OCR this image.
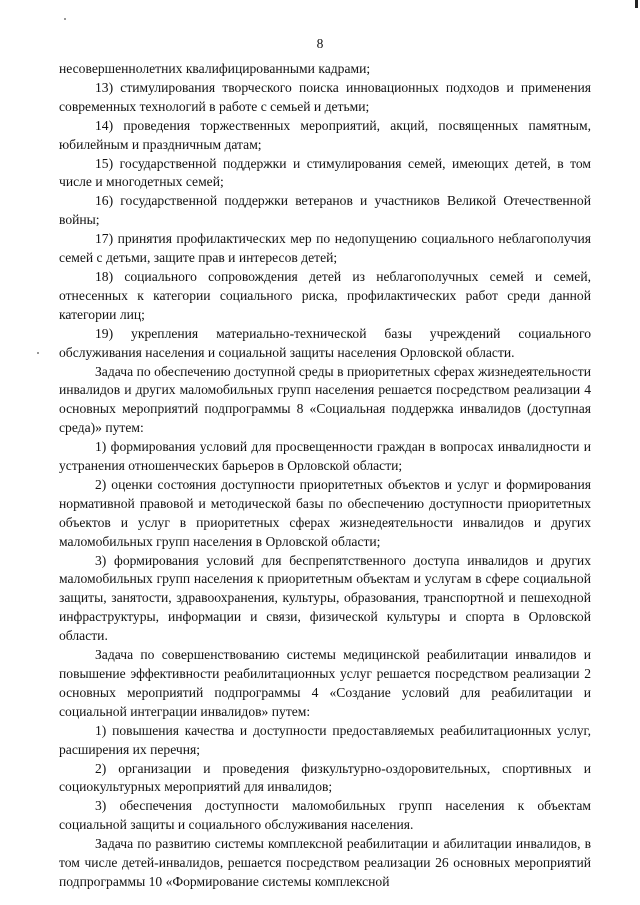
8

несовершеннолетних квалифицированными кадрами;

13) стимулирования творческого поиска инновационных подходов и применения современных технологий в работе с семьей и детьми;

14) проведения торжественных мероприятий, акций, посвященных памятным, юбилейным и праздничным датам;

15) государственной поддержки и стимулирования семей, имеющих детей, в том числе и многодетных семей;

16) государственной поддержки ветеранов и участников Великой Отечественной войны;

17) принятия профилактических мер по недопущению социального неблагополучия семей с детьми, защите прав и интересов детей;

18) социального сопровождения детей из неблагополучных семей и семей, отнесенных к категории социального риска, профилактических работ среди данной категории лиц;

19) укрепления материально-технической базы учреждений социального обслуживания населения и социальной защиты населения Орловской области.

Задача по обеспечению доступной среды в приоритетных сферах жизнедеятельности инвалидов и других маломобильных групп населения решается посредством реализации 4 основных мероприятий подпрограммы 8 «Социальная поддержка инвалидов (доступная среда)» путем:

1) формирования условий для просвещенности граждан в вопросах инвалидности и устранения отношенческих барьеров в Орловской области;

2) оценки состояния доступности приоритетных объектов и услуг и формирования нормативной правовой и методической базы по обеспечению доступности приоритетных объектов и услуг в приоритетных сферах жизнедеятельности инвалидов и других маломобильных групп населения в Орловской области;

3) формирования условий для беспрепятственного доступа инвалидов и других маломобильных групп населения к приоритетным объектам и услугам в сфере социальной защиты, занятости, здравоохранения, культуры, образования, транспортной и пешеходной инфраструктуры, информации и связи, физической культуры и спорта в Орловской области.

Задача по совершенствованию системы медицинской реабилитации инвалидов и повышение эффективности реабилитационных услуг решается посредством реализации 2 основных мероприятий подпрограммы 4 «Создание условий для реабилитации и социальной интеграции инвалидов» путем:

1) повышения качества и доступности предоставляемых реабилитационных услуг, расширения их перечня;

2) организации и проведения физкультурно-оздоровительных, спортивных и социокультурных мероприятий для инвалидов;

3) обеспечения доступности маломобильных групп населения к объектам социальной защиты и социального обслуживания населения.

Задача по развитию системы комплексной реабилитации и абилитации инвалидов, в том числе детей-инвалидов, решается посредством реализации 26 основных мероприятий подпрограммы 10 «Формирование системы комплексной
